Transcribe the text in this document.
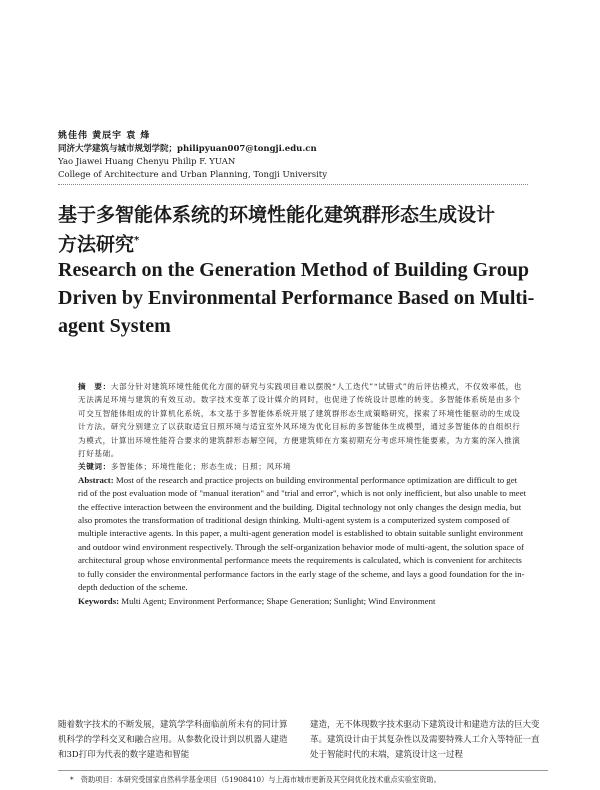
姚佳伟 黄辰宇 袁 烽
同济大学建筑与城市规划学院；philipyuan007@tongji.edu.cn
Yao Jiawei Huang Chenyu Philip F. YUAN
College of Architecture and Urban Planning, Tongji University
基于多智能体系统的环境性能化建筑群形态生成设计
方法研究*
Research on the Generation Method of Building Group
Driven by Environmental Performance Based on Multi-
agent System

摘　要：大部分针对建筑环境性能优化方面的研究与实践项目难以摆脱“人工迭代”“试错式”的后评估模式，不仅效率低，也无法满足环境与建筑的有效互动。数字技术变革了设计媒介的同时，也促进了传统设计思维的转变。多智能体系统是由多个可交互智能体组成的计算机化系统，本文基于多智能体系统开展了建筑群形态生成策略研究，探索了环境性能驱动的生成设计方法。研究分别建立了以获取适宜日照环境与适宜室外风环境为优化目标的多智能体生成模型，通过多智能体的自组织行为模式，计算出环境性能符合要求的建筑群形态解空间，方便建筑师在方案初期充分考虑环境性能要素，为方案的深入推演打好基础。

关键词：多智能体；环境性能化；形态生成；日照；风环境

Abstract: Most of the research and practice projects on building environmental performance optimization are difficult to get rid of the post evaluation mode of "manual iteration" and "trial and error", which is not only inefficient, but also unable to meet the effective interaction between the environment and the building. Digital technology not only changes the design media, but also promotes the transformation of traditional design thinking. Multi-agent system is a computerized system composed of multiple interactive agents. In this paper, a multi-agent generation model is established to obtain suitable sunlight environment and outdoor wind environment respectively. Through the self-organization behavior mode of multi-agent, the solution space of architectural group whose environmental performance meets the requirements is calculated, which is convenient for architects to fully consider the environmental performance factors in the early stage of the scheme, and lays a good foundation for the in-depth deduction of the scheme.

Keywords: Multi Agent; Environment Performance; Shape Generation; Sunlight; Wind Environment

随着数字技术的不断发展，建筑学学科面临前所未有的同计算机科学的学科交叉和融合应用。从参数化设计到以机器人建造和3D打印为代表的数字建造和智能
建造，无不体现数字技术驱动下建筑设计和建造方法的巨大变革。建筑设计由于其复杂性以及需要特殊人工介入等特征一直处于智能时代的末端，建筑设计这一过程
*　资助项目：本研究受国家自然科学基金项目（51908410）与上海市城市更新及其空间优化技术重点实验室资助。
